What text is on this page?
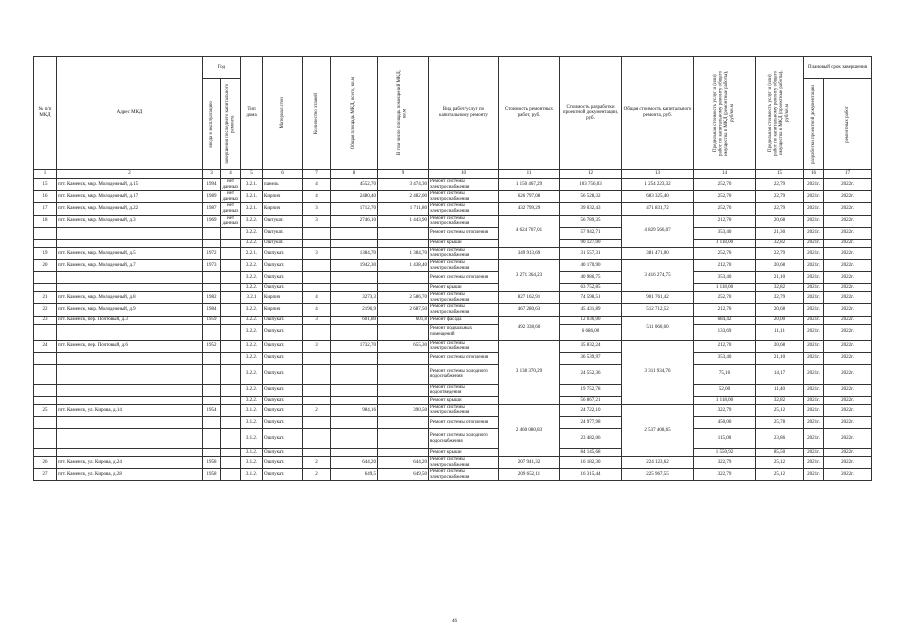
№ п/п МКД	Адрес МКД	Год		Тип дома	Материал стен	Количество этажей	Общая площадь МКД, всего, кв.м	В том числе площадь помещений МКД, кв.м	Вид работ/услуг по капитальному ремонту	Стоимость ремонтных работ, руб.	Стоимость разработки проектной документации, руб.	Общая стоимость капитального ремонта, руб.	Предельная стоимость услуг и (или) работ по капитальному ремонту общего имущества в МКД (ремонтные работы), руб/кв.м	Предельная стоимость услуг и (или) работ по капитальному ремонту общего имущества в МКД (проектные работы), руб/кв.м	Плановый срок завершения	

		ввода в эксплуатацию	завершения последнего капитального ремонта												разработки проектной документации	ремонтных работ

1	2	3	4	5	6	7	8	9	10	11	12	13	14	15	16	17
15	пгт. Каменск, мкр. Молодежный, д.15	1994	нет данных	3.2.1.	панель	4	4552,70	3 474,30	Ремонт системы электроснабжения	1 150 467,29	103 756,03	1 254 223,32	252,70	22,79	2021г.	2022г.
16	пгт. Каменск, мкр. Молодежный, д.17	1989	нет данных	3.2.1.	Кирпич	4	2480,40	2 482,00	Ремонт системы электроснабжения	626 797,08	56 528,32	683 325,40	252,70	22,79	2021г.	2022г.
17	пгт. Каменск, мкр. Молодежный, д.22	1987	нет данных	3.2.1.	Кирпич	3	1712,70	1 711,80	Ремонт системы электроснабжения	432 799,29	39 032,43	471 831,72	252,70	22,79	2021г.	2022г.
18	пгт. Каменск, мкр. Молодежный, д.3	1969	нет данных	3.2.2.	Оштукат.	3	2746,10	1 443,90	Ремонт системы электроснабжения	4 624 707,01	56 789,35	4 829 566,07	212,70	20,68	2021г.	2022г.
				3.2.2.	Оштукат.				Ремонт системы отопления		57 942,71		353,40	21,30	2021г.	2022г.
				3.2.2.	Оштукат.				Ремонт крыши		90 127,00		1 118,00	32,82	2021г.	2022г.
19	пгт. Каменск, мкр. Молодежный, д.5	1972		2.2.1.	Ошпукат.	3	1384,70	1 384,70	Ремонт системы электроснабжения	349 913,69	31 557,31	381 471,00	252,70	22,79	2021г.	2022г.
20	пгт. Каменск, мкр. Молодежный, д.7	1973		3.2.2.	Ошпукат.		1942,30	1 438,40	Ремонт системы электроснабжения	3 271 364,23	40 170,90	3 416 274,75	212,70	20,68	2021г.	2022г.
				3.2.2.	Ошпукат.				Ремонт системы отопления		40 986,75		353,40	21,10	2021г.	2022г.
				3.2.2.	Ошпукат.				Ремонт крыши		63 752,85		1 118,00	32,82	2021г.	2022г.
21	пгт. Каменск, мкр. Молодежный, д.8	1982		3.2.1	Кирпич	4	3273,3	2 586,70	Ремонт системы электроснабжения	827 162,91	74 598,51	901 761,42	252,70	22,79	2021г.	2022г.
22	пгт. Каменск, мкр. Молодежный, д.9	1984		3.2.2.	Кирпич	4	2196,9	2 687,50	Ремонт системы электроснабжения	467 280,63	45 431,89	512 712,52	212,70	20,68	2021г.	2022г.
23	пгт. Каменск, пер. Почтовый, д.3	1959		3.2.2.	Ошпукат.	3	601,80	601,8	Ремонт фасада	492 338,60	12 036,00	511 060,60	684,42	20,00	2021г.	2022г.
				3.2.2.	Ошпукат.				Ремонт подвальных помещений		6 686,00		133,69	11,11	2021г.	2022г.
24	пгт. Каменск, пер. Почтовый, д.6	1952		3.2.2.	Ошпукат.	3	1732,70	655,30	Ремонт системы электроснабжения	3 138 370,29	35 832,24	3 311 934,76	212,70	20,68	2021г.	2022г.
				3.2.2.	Ошпукат.				Ремонт системы отопления		36 539,97		353,40	21,10	2021г.	2022г.
				3.2.2.	Ошпукат.				Ремонт системы холодного водоснабжения		24 552,36		75,16	14,17	2021г.	2022г.
				3.2.2.	Ошпукат.				Ремонт системы водоотведения		19 752,78		52,00	11,40	2021г.	2022г.
				3.2.2.	Ошпукат.				Ремонт крыши		56 867,21		1 118,00	32,82	2021г.	2022г.
25	пгт. Каменск, ул. Кирова, д.14	1954		3.1.2.	Ошпукат.	2	984,16	390,50	Ремонт системы электроснабжения	2 460 080,83	24 722,10	2 537 408,65	322,79	25,12	2021г.	2022г.
				3.1.2.	Ошпукат.				Ремонт системы отопления		24 977,98		450,00	25,78	2021г.	2022г.
				3.1.2.	Ошпукат.				Ремонт системы холодного водоснабжения		23 482,06		115,00	23,86	2021г.	2022г.
				3.1.2.	Ошпукат.				Ремонт крыши		84 145,68		1 550,92	85,50	2021г.	2022г.
26	пгт. Каменск, ул. Кирова, д.24	1958		3.1.2.	Ошпукат.	2	644,20	644,20	Ремонт системы электроснабжения	207 941,32	16 182,30	224 123,62	322,79	25,12	2021г.	2022г.
27	пгт. Каменск, ул. Кирова, д.28	1958		3.1.2.	Ошпукат.	2	649,5	649,50	Ремонт системы электроснабжения	209 652,11	16 315,44	225 967,55	322,79	25,12	2021г.	2022г.
46
